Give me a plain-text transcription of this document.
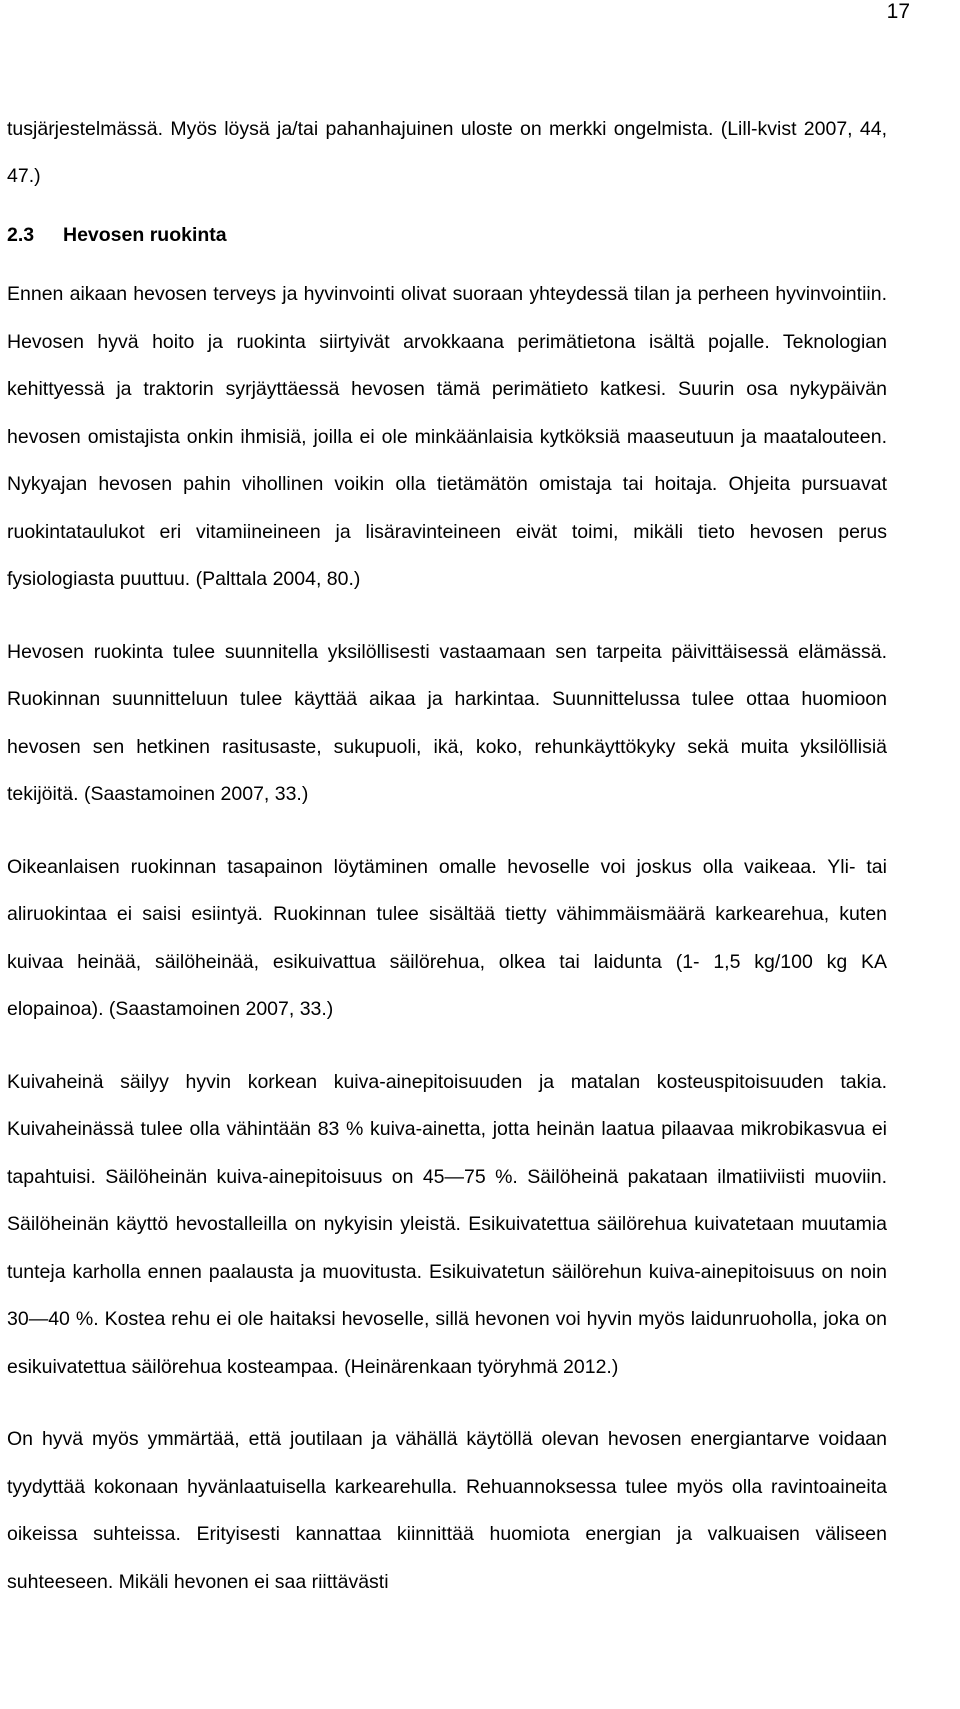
17

tusjärjestelmässä. Myös löysä ja/tai pahanhajuinen uloste on merkki ongelmista. (Lill-kvist 2007, 44, 47.)

2.3 Hevosen ruokinta

Ennen aikaan hevosen terveys ja hyvinvointi olivat suoraan yhteydessä tilan ja perheen hyvinvointiin. Hevosen hyvä hoito ja ruokinta siirtyivät arvokkaana perimätietona isältä pojalle. Teknologian kehittyessä ja traktorin syrjäyttäessä hevosen tämä perimätieto katkesi. Suurin osa nykypäivän hevosen omistajista onkin ihmisiä, joilla ei ole minkäänlaisia kytköksiä maaseutuun ja maatalouteen. Nykyajan hevosen pahin vihollinen voikin olla tietämätön omistaja tai hoitaja. Ohjeita pursuavat ruokintataulukot eri vitamiineineen ja lisäravinteineen eivät toimi, mikäli tieto hevosen perus fysiologiasta puuttuu. (Palttala 2004, 80.)

Hevosen ruokinta tulee suunnitella yksilöllisesti vastaamaan sen tarpeita päivittäisessä elämässä. Ruokinnan suunnitteluun tulee käyttää aikaa ja harkintaa. Suunnittelussa tulee ottaa huomioon hevosen sen hetkinen rasitusaste, sukupuoli, ikä, koko, rehunkäyttökyky sekä muita yksilöllisiä tekijöitä. (Saastamoinen 2007, 33.)

Oikeanlaisen ruokinnan tasapainon löytäminen omalle hevoselle voi joskus olla vaikeaa. Yli- tai aliruokintaa ei saisi esiintyä. Ruokinnan tulee sisältää tietty vähimmäismäärä karkearehua, kuten kuivaa heinää, säilöheinää, esikuivattua säilörehua, olkea tai laidunta (1- 1,5 kg/100 kg KA elopainoa). (Saastamoinen 2007, 33.)

Kuivaheinä säilyy hyvin korkean kuiva-ainepitoisuuden ja matalan kosteuspitoisuuden takia. Kuivaheinässä tulee olla vähintään 83 % kuiva-ainetta, jotta heinän laatua pilaavaa mikrobikasvua ei tapahtuisi. Säilöheinän kuiva-ainepitoisuus on 45—75 %. Säilöheinä pakataan ilmatiiviisti muoviin. Säilöheinän käyttö hevostalleilla on nykyisin yleistä. Esikuivatettua säilörehua kuivatetaan muutamia tunteja karholla ennen paalausta ja muovitusta. Esikuivatetun säilörehun kuiva-ainepitoisuus on noin 30—40 %. Kostea rehu ei ole haitaksi hevoselle, sillä hevonen voi hyvin myös laidunruoholla, joka on esikuivatettua säilörehua kosteampaa. (Heinärenkaan työryhmä 2012.)

On hyvä myös ymmärtää, että joutilaan ja vähällä käytöllä olevan hevosen energiantarve voidaan tyydyttää kokonaan hyvänlaatuisella karkearehulla. Rehuannoksessa tulee myös olla ravintoaineita oikeissa suhteissa. Erityisesti kannattaa kiinnittää huomiota energian ja valkuaisen väliseen suhteeseen. Mikäli hevonen ei saa riittävästi
